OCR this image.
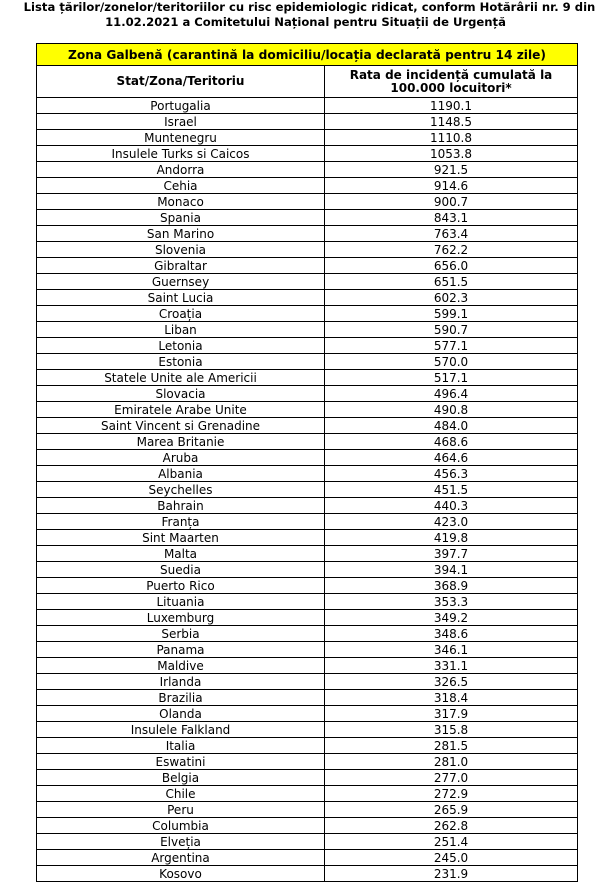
Lista țărilor/zonelor/teritoriilor cu risc epidemiologic ridicat, conform Hotărârii nr. 9 din
11.02.2021 a Comitetului Național pentru Situații de Urgență
Zona Galbenă (carantină la domiciliu/locația declarată pentru 14 zile)	
Stat/Zona/Teritoriu	Rata de incidență cumulată la 100.000 locuitori*
Portugalia	1190.1
Israel	1148.5
Muntenegru	1110.8
Insulele Turks si Caicos	1053.8
Andorra	921.5
Cehia	914.6
Monaco	900.7
Spania	843.1
San Marino	763.4
Slovenia	762.2
Gibraltar	656.0
Guernsey	651.5
Saint Lucia	602.3
Croația	599.1
Liban	590.7
Letonia	577.1
Estonia	570.0
Statele Unite ale Americii	517.1
Slovacia	496.4
Emiratele Arabe Unite	490.8
Saint Vincent si Grenadine	484.0
Marea Britanie	468.6
Aruba	464.6
Albania	456.3
Seychelles	451.5
Bahrain	440.3
Franța	423.0
Sint Maarten	419.8
Malta	397.7
Suedia	394.1
Puerto Rico	368.9
Lituania	353.3
Luxemburg	349.2
Serbia	348.6
Panama	346.1
Maldive	331.1
Irlanda	326.5
Brazilia	318.4
Olanda	317.9
Insulele Falkland	315.8
Italia	281.5
Eswatini	281.0
Belgia	277.0
Chile	272.9
Peru	265.9
Columbia	262.8
Elveția	251.4
Argentina	245.0
Kosovo	231.9
